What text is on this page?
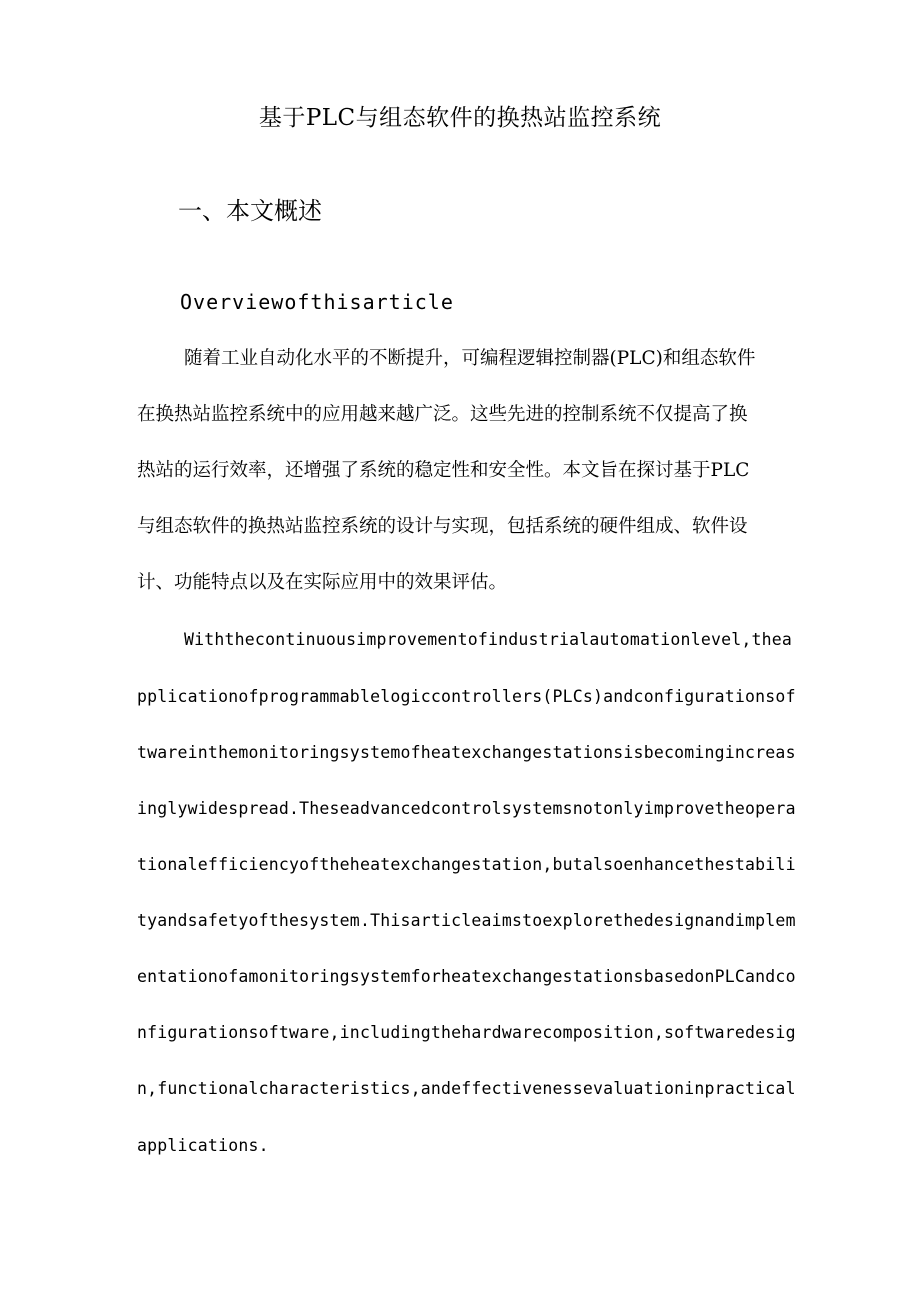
基于PLC与组态软件的换热站监控系统
一、本文概述
Overviewofthisarticle
随着工业自动化水平的不断提升，可编程逻辑控制器(PLC)和组态软件
在换热站监控系统中的应用越来越广泛。这些先进的控制系统不仅提高了换
热站的运行效率，还增强了系统的稳定性和安全性。本文旨在探讨基于PLC
与组态软件的换热站监控系统的设计与实现，包括系统的硬件组成、软件设
计、功能特点以及在实际应用中的效果评估。
Withthecontinuousimprovementofindustrialautomationlevel,thea
pplicationofprogrammablelogiccontrollers(PLCs)andconfigurationsof
twareinthemonitoringsystemofheatexchangestationsisbecomingincreas
inglywidespread.Theseadvancedcontrolsystemsnotonlyimprovetheopera
tionalefficiencyoftheheatexchangestation,butalsoenhancethestabili
tyandsafetyofthesystem.Thisarticleaimstoexplorethedesignandimplem
entationofamonitoringsystemforheatexchangestationsbasedonPLCandco
nfigurationsoftware,includingthehardwarecomposition,softwaredesig
n,functionalcharacteristics,andeffectivenessevaluationinpractical
applications.
